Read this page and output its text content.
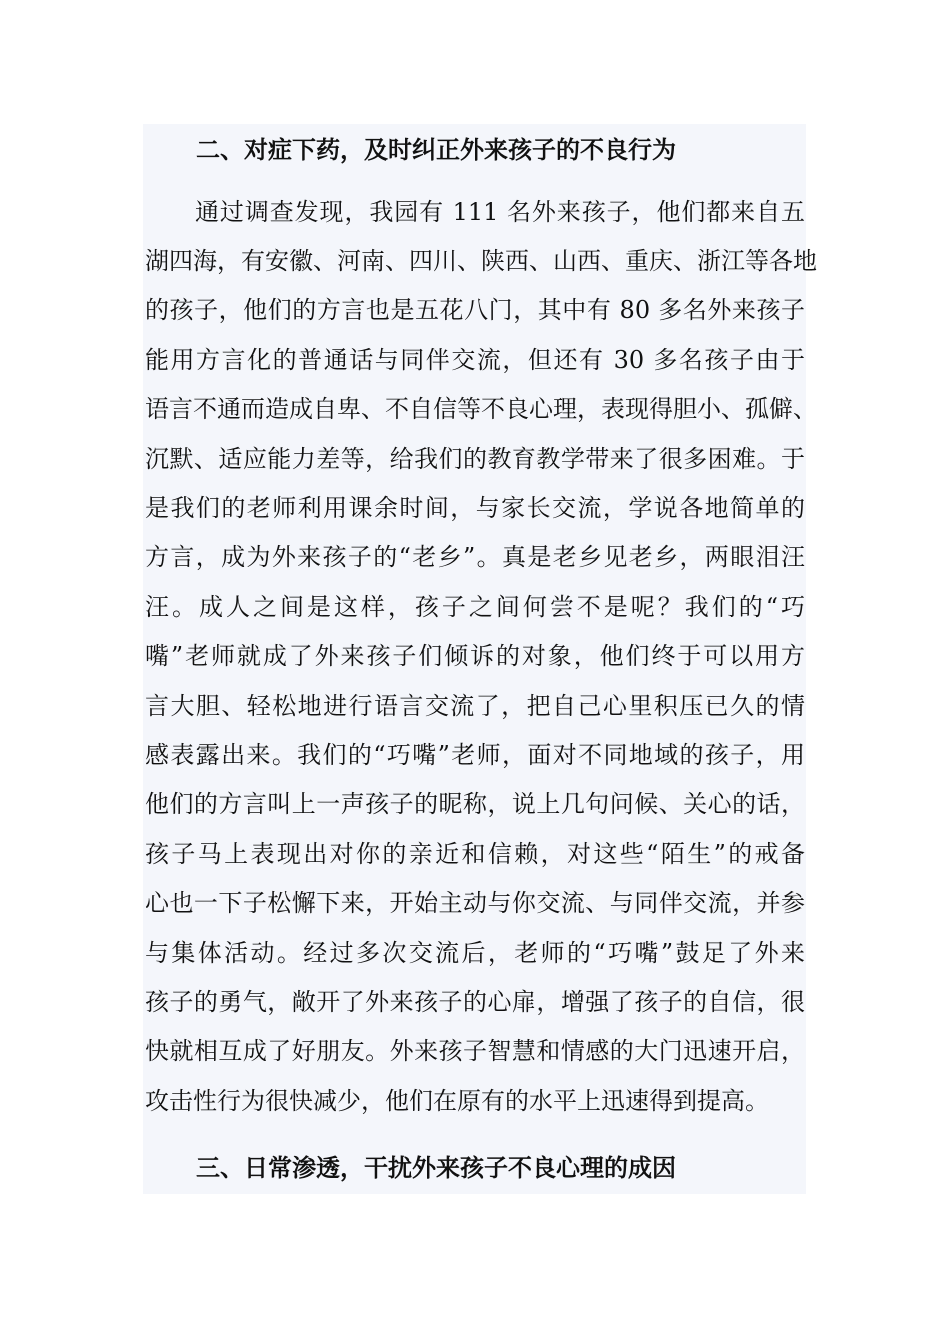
二、对症下药，及时纠正外来孩子的不良行为

通过调查发现，我园有 111 名外来孩子，他们都来自五

湖四海，有安徽、河南、四川、陕西、山西、重庆、浙江等各地

的孩子，他们的方言也是五花八门，其中有 80 多名外来孩子

能用方言化的普通话与同伴交流，但还有 30 多名孩子由于

语言不通而造成自卑、不自信等不良心理，表现得胆小、孤僻、

沉默、适应能力差等，给我们的教育教学带来了很多困难。于

是我们的老师利用课余时间，与家长交流，学说各地简单的

方言，成为外来孩子的“老乡”。真是老乡见老乡，两眼泪汪

汪。成人之间是这样，孩子之间何尝不是呢？我们的“巧

嘴”老师就成了外来孩子们倾诉的对象，他们终于可以用方

言大胆、轻松地进行语言交流了，把自己心里积压已久的情

感表露出来。我们的“巧嘴”老师，面对不同地域的孩子，用

他们的方言叫上一声孩子的昵称，说上几句问候、关心的话，

孩子马上表现出对你的亲近和信赖，对这些“陌生”的戒备

心也一下子松懈下来，开始主动与你交流、与同伴交流，并参

与集体活动。经过多次交流后，老师的“巧嘴”鼓足了外来

孩子的勇气，敞开了外来孩子的心扉，增强了孩子的自信，很

快就相互成了好朋友。外来孩子智慧和情感的大门迅速开启，

攻击性行为很快减少，他们在原有的水平上迅速得到提高。

三、日常渗透，干扰外来孩子不良心理的成因
